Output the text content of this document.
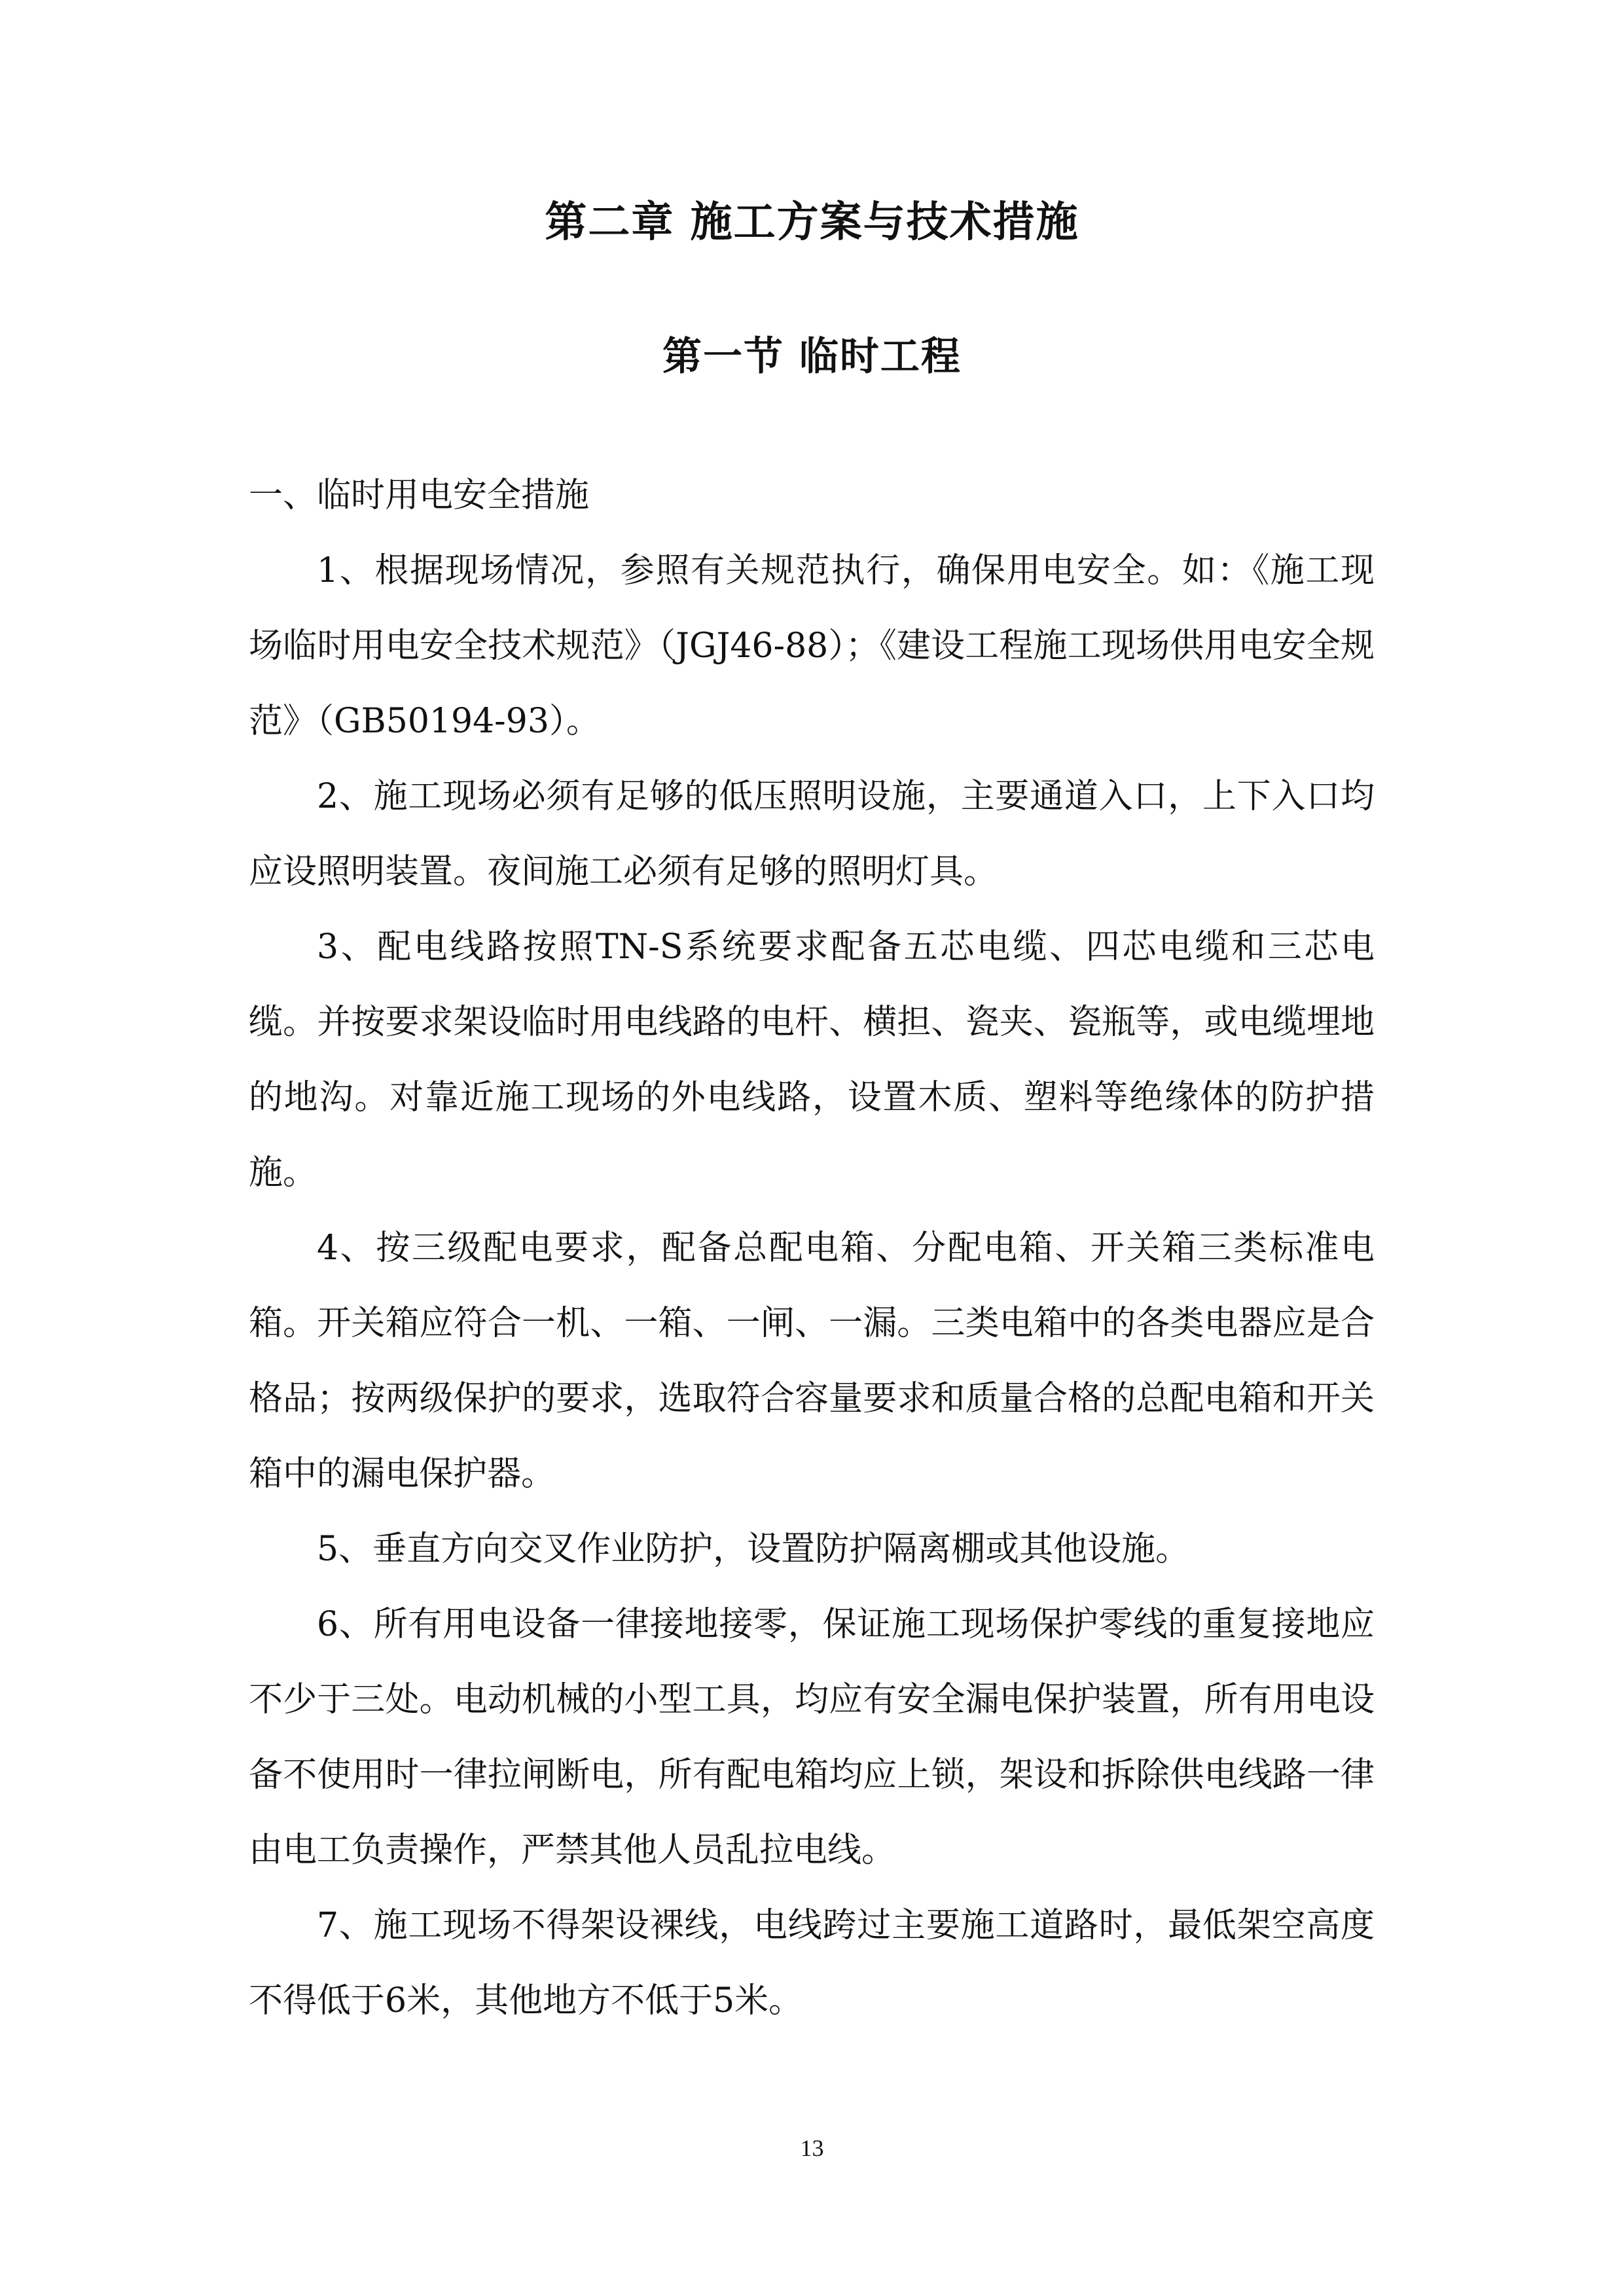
第二章 施工方案与技术措施
第一节 临时工程

一、临时用电安全措施

1、根据现场情况，参照有关规范执行，确保用电安全。如：《施工现场临时用电安全技术规范》（JGJ46-88）；《建设工程施工现场供用电安全规范》（GB50194-93）。

2、施工现场必须有足够的低压照明设施，主要通道入口，上下入口均应设照明装置。夜间施工必须有足够的照明灯具。

3、配电线路按照TN-S系统要求配备五芯电缆、四芯电缆和三芯电缆。并按要求架设临时用电线路的电杆、横担、瓷夹、瓷瓶等，或电缆埋地的地沟。对靠近施工现场的外电线路，设置木质、塑料等绝缘体的防护措施。

4、按三级配电要求，配备总配电箱、分配电箱、开关箱三类标准电箱。开关箱应符合一机、一箱、一闸、一漏。三类电箱中的各类电器应是合格品；按两级保护的要求，选取符合容量要求和质量合格的总配电箱和开关箱中的漏电保护器。

5、垂直方向交叉作业防护，设置防护隔离棚或其他设施。

6、所有用电设备一律接地接零，保证施工现场保护零线的重复接地应不少于三处。电动机械的小型工具，均应有安全漏电保护装置，所有用电设备不使用时一律拉闸断电，所有配电箱均应上锁，架设和拆除供电线路一律由电工负责操作，严禁其他人员乱拉电线。

7、施工现场不得架设裸线，电线跨过主要施工道路时，最低架空高度不得低于6米，其他地方不低于5米。

13
